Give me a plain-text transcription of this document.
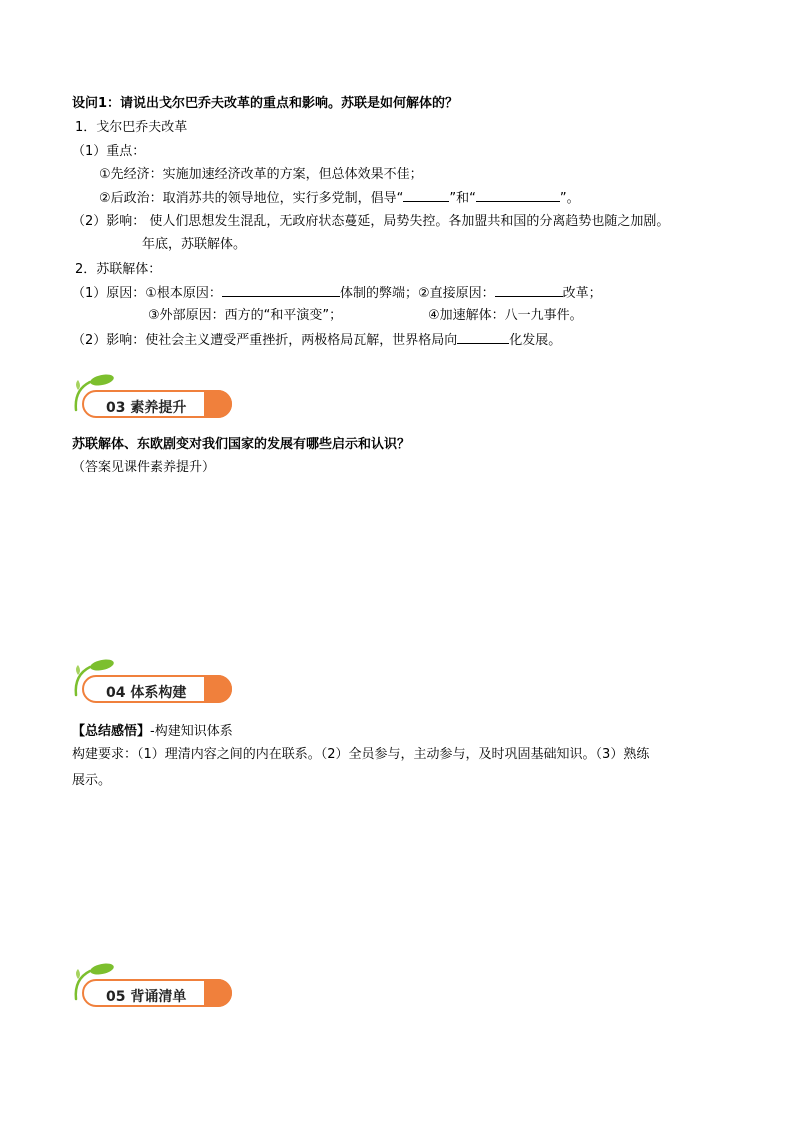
设问1：请说出戈尔巴乔夫改革的重点和影响。苏联是如何解体的？
1．戈尔巴乔夫改革
（1）重点：
①先经济：实施加速经济改革的方案，但总体效果不佳；
②后政治：取消苏共的领导地位，实行多党制，倡导“	”和“	”。
（2）影响： 使人们思想发生混乱，无政府状态蔓延，局势失控。各加盟共和国的分离趋势也随之加剧。
年底，苏联解体。
2．苏联解体：
（1）原因：①根本原因：	体制的弊端；②直接原因：	改革；
③外部原因：西方的“和平演变”；	④加速解体：八一九事件。
（2）影响：使社会主义遭受严重挫折，两极格局瓦解，世界格局向	化发展。
03 素养提升
苏联解体、东欧剧变对我们国家的发展有哪些启示和认识？
（答案见课件素养提升）
04 体系构建
【总结感悟】-构建知识体系
构建要求：（1）理清内容之间的内在联系。（2）全员参与，主动参与，及时巩固基础知识。（3）熟练
展示。
05 背诵清单
